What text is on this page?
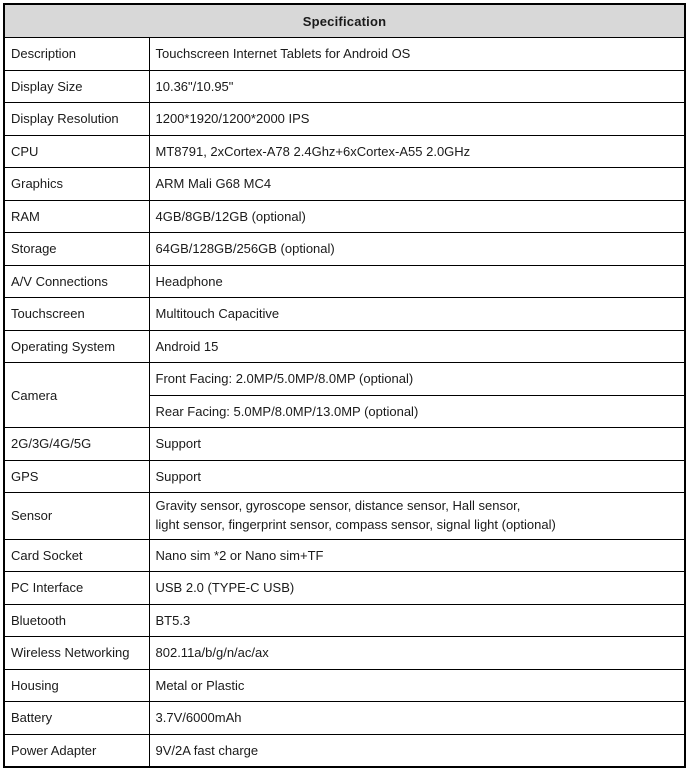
Specification	
Description	Touchscreen Internet Tablets for Android OS
Display Size	10.36"/10.95"
Display Resolution	1200*1920/1200*2000 IPS
CPU	MT8791, 2xCortex-A78 2.4Ghz+6xCortex-A55 2.0GHz
Graphics	ARM Mali G68 MC4
RAM	4GB/8GB/12GB (optional)
Storage	64GB/128GB/256GB (optional)
A/V Connections	Headphone
Touchscreen	Multitouch Capacitive
Operating System	Android 15
Camera	Front Facing: 2.0MP/5.0MP/8.0MP (optional)
	Rear Facing: 5.0MP/8.0MP/13.0MP (optional)
2G/3G/4G/5G	Support
GPS	Support
Sensor	Gravity sensor, gyroscope sensor, distance sensor, Hall sensor,
light sensor, fingerprint sensor, compass sensor, signal light (optional)

Card Socket	Nano sim *2 or Nano sim+TF
PC Interface	USB 2.0 (TYPE-C USB)
Bluetooth	BT5.3
Wireless Networking	802.11a/b/g/n/ac/ax
Housing	Metal or Plastic
Battery	3.7V/6000mAh
Power Adapter	9V/2A fast charge
